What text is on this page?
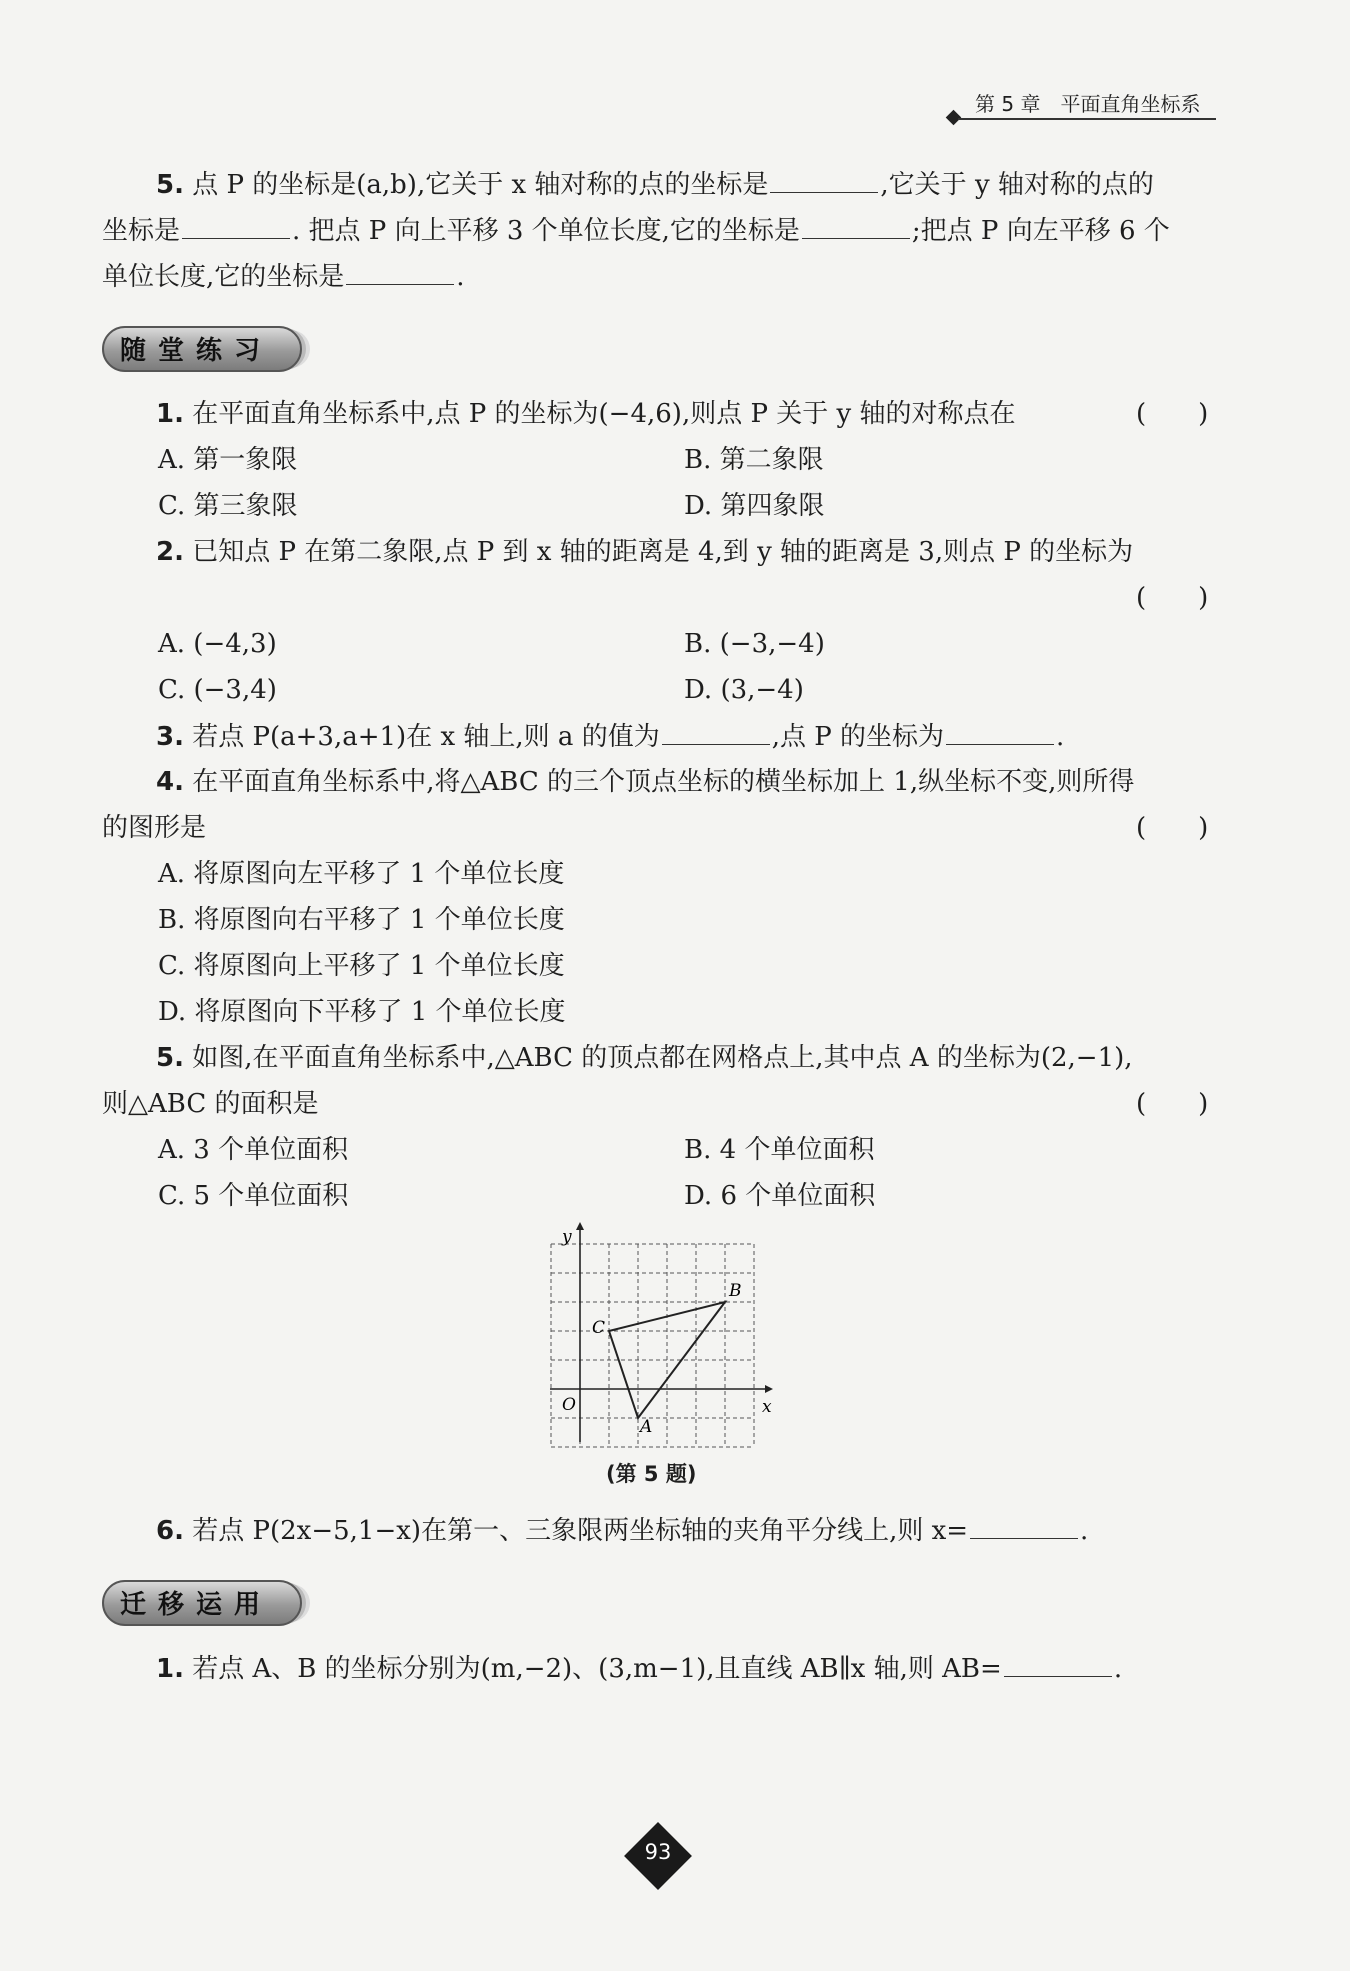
第 5 章　平面直角坐标系
5. 点 P 的坐标是(a,b),它关于 x 轴对称的点的坐标是	,它关于 y 轴对称的点的
坐标是	. 把点 P 向上平移 3 个单位长度,它的坐标是	;把点 P 向左平移 6 个
单位长度,它的坐标是	.
随堂练习
1. 在平面直角坐标系中,点 P 的坐标为(−4,6),则点 P 关于 y 轴的对称点在	(　　)
A. 第一象限	B. 第二象限
C. 第三象限	D. 第四象限
2. 已知点 P 在第二象限,点 P 到 x 轴的距离是 4,到 y 轴的距离是 3,则点 P 的坐标为
(　　)
A. (−4,3)	B. (−3,−4)
C. (−3,4)	D. (3,−4)
3. 若点 P(a+3,a+1)在 x 轴上,则 a 的值为	,点 P 的坐标为	.
4. 在平面直角坐标系中,将△ABC 的三个顶点坐标的横坐标加上 1,纵坐标不变,则所得
的图形是	(　　)
A. 将原图向左平移了 1 个单位长度
B. 将原图向右平移了 1 个单位长度
C. 将原图向上平移了 1 个单位长度
D. 将原图向下平移了 1 个单位长度
5. 如图,在平面直角坐标系中,△ABC 的顶点都在网格点上,其中点 A 的坐标为(2,−1),
则△ABC 的面积是	(　　)
A. 3 个单位面积	B. 4 个单位面积
C. 5 个单位面积	D. 6 个单位面积
x
y
O
A
B
C
(第 5 题)
6. 若点 P(2x−5,1−x)在第一、三象限两坐标轴的夹角平分线上,则 x=	.
迁移运用
1. 若点 A、B 的坐标分别为(m,−2)、(3,m−1),且直线 AB∥x 轴,则 AB=	.
93
